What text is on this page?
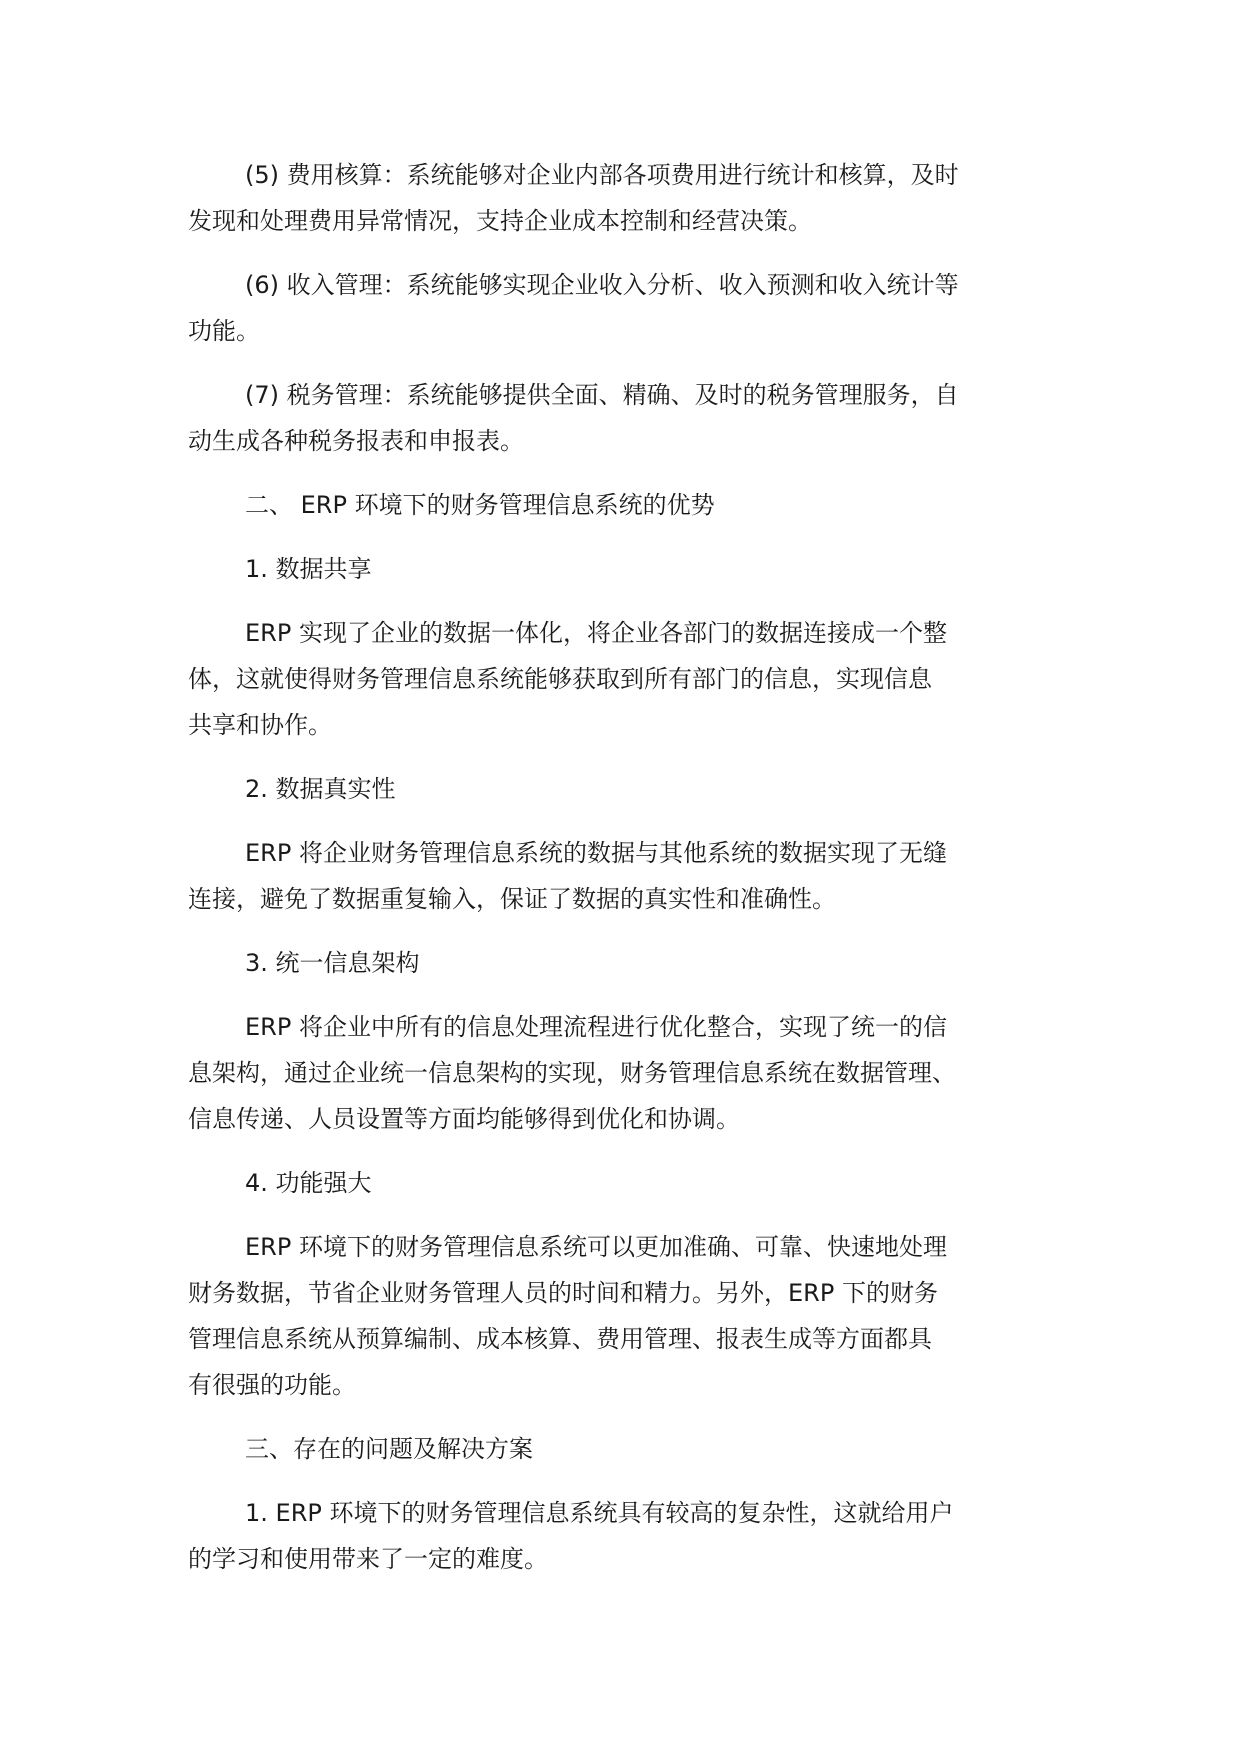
(5) 费用核算：系统能够对企业内部各项费用进行统计和核算，及时
发现和处理费用异常情况，支持企业成本控制和经营决策。
(6) 收入管理：系统能够实现企业收入分析、收入预测和收入统计等
功能。
(7) 税务管理：系统能够提供全面、精确、及时的税务管理服务，自
动生成各种税务报表和申报表。
二、 ERP 环境下的财务管理信息系统的优势
1. 数据共享
ERP 实现了企业的数据一体化，将企业各部门的数据连接成一个整
体，这就使得财务管理信息系统能够获取到所有部门的信息，实现信息
共享和协作。
2. 数据真实性
ERP 将企业财务管理信息系统的数据与其他系统的数据实现了无缝
连接，避免了数据重复输入，保证了数据的真实性和准确性。
3. 统一信息架构
ERP 将企业中所有的信息处理流程进行优化整合，实现了统一的信
息架构，通过企业统一信息架构的实现，财务管理信息系统在数据管理、
信息传递、人员设置等方面均能够得到优化和协调。
4. 功能强大
ERP 环境下的财务管理信息系统可以更加准确、可靠、快速地处理
财务数据，节省企业财务管理人员的时间和精力。另外，ERP 下的财务
管理信息系统从预算编制、成本核算、费用管理、报表生成等方面都具
有很强的功能。
三、存在的问题及解决方案
1. ERP 环境下的财务管理信息系统具有较高的复杂性，这就给用户
的学习和使用带来了一定的难度。
